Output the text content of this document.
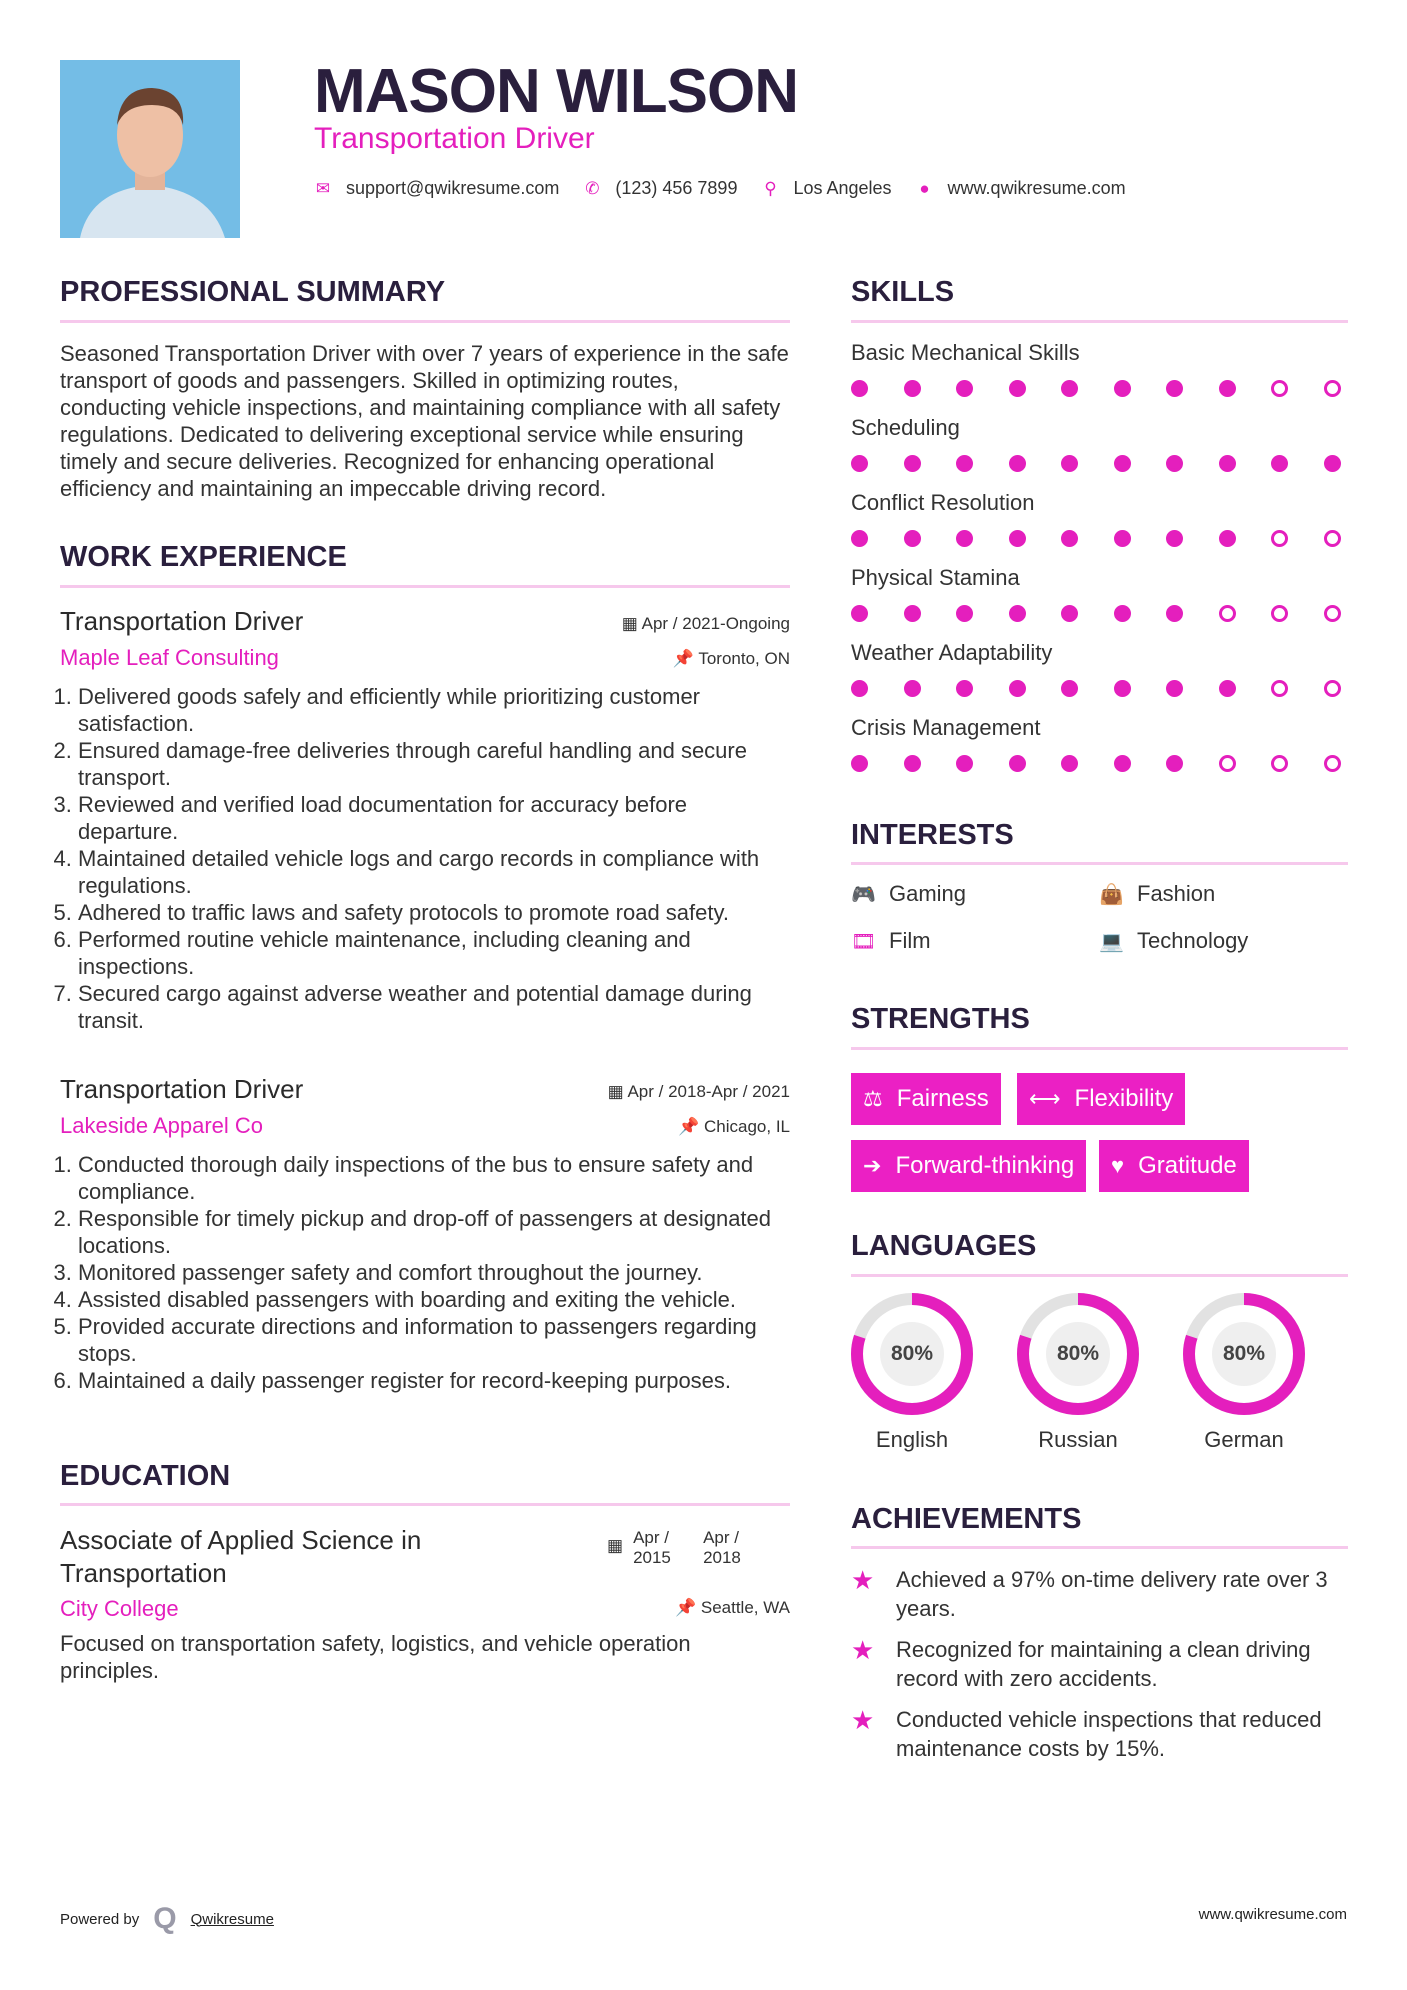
MASON WILSON
Transportation Driver
✉ support@qwikresume.com ✆ (123) 456 7899 ⚲ Los Angeles ● www.qwikresume.com
PROFESSIONAL SUMMARY
Seasoned Transportation Driver with over 7 years of experience in the safe transport of goods and passengers. Skilled in optimizing routes, conducting vehicle inspections, and maintaining compliance with all safety regulations. Dedicated to delivering exceptional service while ensuring timely and secure deliveries. Recognized for enhancing operational efficiency and maintaining an impeccable driving record.
WORK EXPERIENCE
Transportation Driver	▦ Apr / 2021-Ongoing
Maple Leaf Consulting	📌 Toronto, ON
1. Delivered goods safely and efficiently while prioritizing customer satisfaction.
2. Ensured damage-free deliveries through careful handling and secure transport.
3. Reviewed and verified load documentation for accuracy before departure.
4. Maintained detailed vehicle logs and cargo records in compliance with regulations.
5. Adhered to traffic laws and safety protocols to promote road safety.
6. Performed routine vehicle maintenance, including cleaning and inspections.
7. Secured cargo against adverse weather and potential damage during transit.
Transportation Driver	▦ Apr / 2018-Apr / 2021
Lakeside Apparel Co	📌 Chicago, IL
1. Conducted thorough daily inspections of the bus to ensure safety and compliance.
2. Responsible for timely pickup and drop-off of passengers at designated locations.
3. Monitored passenger safety and comfort throughout the journey.
4. Assisted disabled passengers with boarding and exiting the vehicle.
5. Provided accurate directions and information to passengers regarding stops.
6. Maintained a daily passenger register for record-keeping purposes.
EDUCATION
Associate of Applied Science in Transportation
▦ Apr / 2015
Apr / 2018
City College	📌 Seattle, WA
Focused on transportation safety, logistics, and vehicle operation principles.
SKILLS
Basic Mechanical Skills
Scheduling
Conflict Resolution
Physical Stamina
Weather Adaptability
Crisis Management
INTERESTS
🎮 Gaming	👜 Fashion
🎞 Film	💻 Technology
STRENGTHS
⚖ Fairness ⟷ Flexibility
➔ Forward-thinking ♥ Gratitude
LANGUAGES
80%
English
80%
Russian
80%
German
ACHIEVEMENTS
★ Achieved a 97% on-time delivery rate over 3 years.
★ Recognized for maintaining a clean driving record with zero accidents.
★ Conducted vehicle inspections that reduced maintenance costs by 15%.
Powered by Q Qwikresume	www.qwikresume.com
